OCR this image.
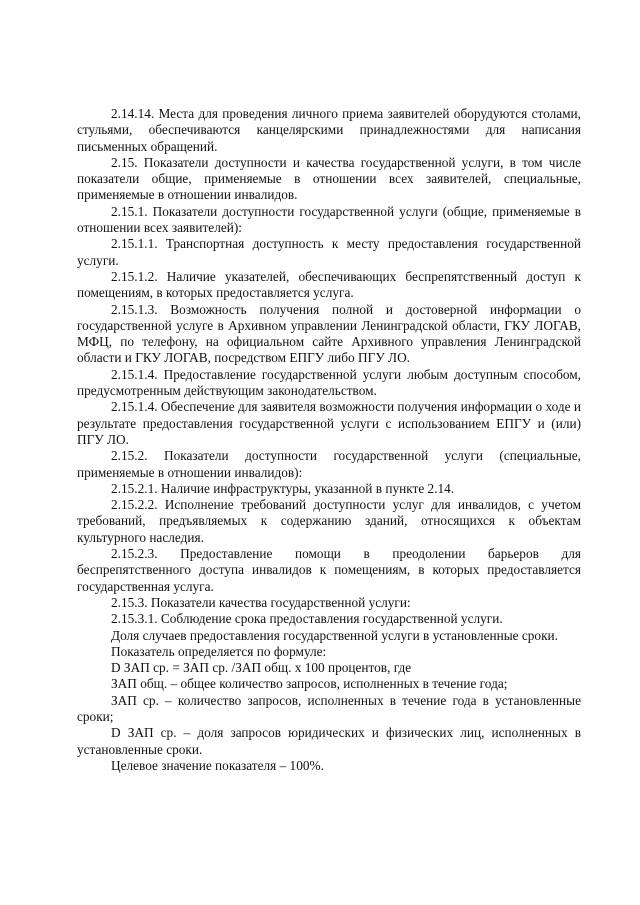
2.14.14. Места для проведения личного приема заявителей оборудуются столами, стульями, обеспечиваются канцелярскими принадлежностями для написания письменных обращений.

2.15. Показатели доступности и качества государственной услуги, в том числе показатели общие, применяемые в отношении всех заявителей, специальные, применяемые в отношении инвалидов.

2.15.1. Показатели доступности государственной услуги (общие, применяемые в отношении всех заявителей):

2.15.1.1. Транспортная доступность к месту предоставления государственной услуги.

2.15.1.2. Наличие указателей, обеспечивающих беспрепятственный доступ к помещениям, в которых предоставляется услуга.

2.15.1.3. Возможность получения полной и достоверной информации о государственной услуге в Архивном управлении Ленинградской области, ГКУ ЛОГАВ, МФЦ, по телефону, на официальном сайте Архивного управления Ленинградской области и ГКУ ЛОГАВ, посредством ЕПГУ либо ПГУ ЛО.

2.15.1.4. Предоставление государственной услуги любым доступным способом, предусмотренным действующим законодательством.

2.15.1.4. Обеспечение для заявителя возможности получения информации о ходе и результате предоставления государственной услуги с использованием ЕПГУ и (или) ПГУ ЛО.

2.15.2. Показатели доступности государственной услуги (специальные, применяемые в отношении инвалидов):

2.15.2.1. Наличие инфраструктуры, указанной в пункте 2.14.

2.15.2.2. Исполнение требований доступности услуг для инвалидов, с учетом требований, предъявляемых к содержанию зданий, относящихся к объектам культурного наследия.

2.15.2.3. Предоставление помощи в преодолении барьеров для беспрепятственного доступа инвалидов к помещениям, в которых предоставляется государственная услуга.

2.15.3. Показатели качества государственной услуги:

2.15.3.1. Соблюдение срока предоставления государственной услуги.

Доля случаев предоставления государственной услуги в установленные сроки.

Показатель определяется по формуле:

D ЗАП ср. = ЗАП ср. /ЗАП общ. х 100 процентов, где

ЗАП общ. – общее количество запросов, исполненных в течение года;

ЗАП ср. – количество запросов, исполненных в течение года в установленные сроки;

D ЗАП ср. – доля запросов юридических и физических лиц, исполненных в установленные сроки.

Целевое значение показателя – 100%.
